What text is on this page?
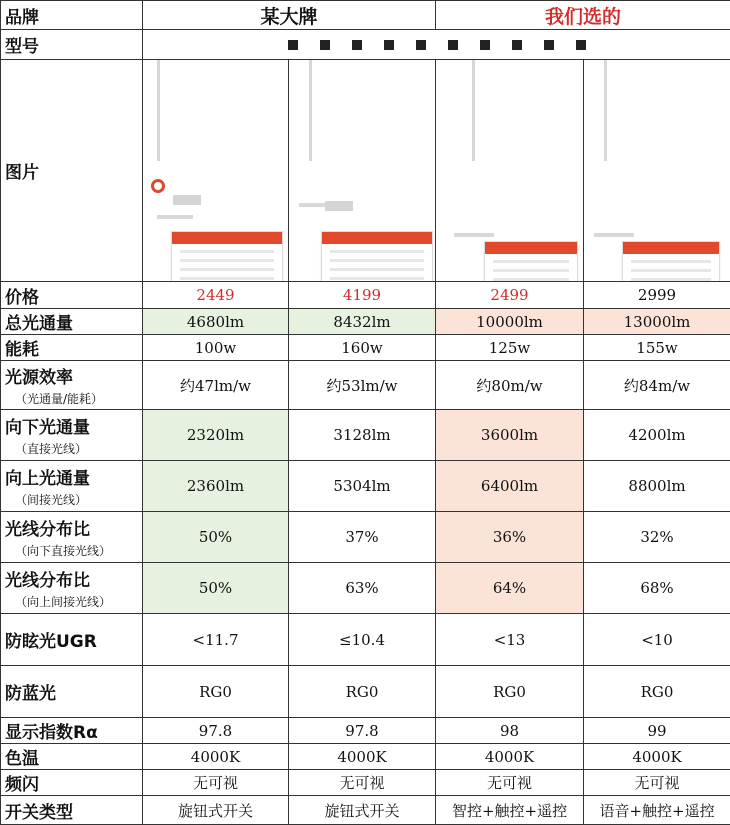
品牌	某大牌		我们选的	
型号				

图片	

价格	2449	4199	2499	2999
总光通量	4680lm	8432lm	10000lm	13000lm
能耗	100w	160w	125w	155w
光源效率
（光通量/能耗）	约47lm/w	约53lm/w	约80m/w	约84m/w
向下光通量
（直接光线）	2320lm	3128lm	3600lm	4200lm
向上光通量
（间接光线）	2360lm	5304lm	6400lm	8800lm
光线分布比
（向下直接光线）	50%	37%	36%	32%
光线分布比
（向上间接光线）	50%	63%	64%	68%
防眩光UGR	<11.7	≤10.4	<13	<10
防蓝光	RG0	RG0	RG0	RG0
显示指数Rα	97.8	97.8	98	99
色温	4000K	4000K	4000K	4000K
频闪	无可视	无可视	无可视	无可视
开关类型	旋钮式开关	旋钮式开关	智控+触控+遥控	语音+触控+遥控
